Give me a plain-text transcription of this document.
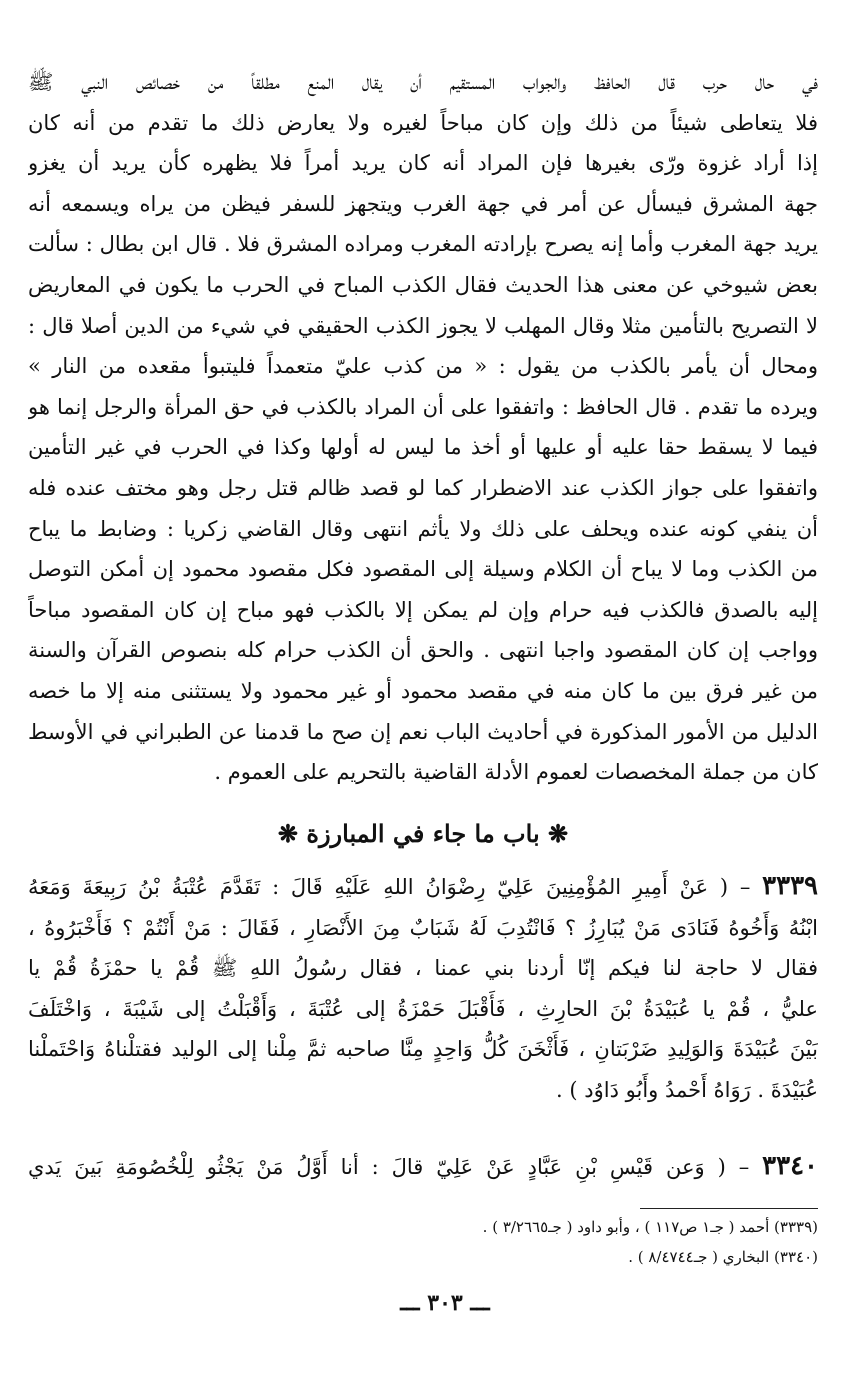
في حال حرب قال الحافظ والجواب المستقيم أن يقال المنع مطلقاً من خصائص النبي ﷺ
فلا يتعاطى شيئاً من ذلك وإن كان مباحاً لغيره ولا يعارض ذلك ما تقدم من أنه كان
إذا أراد غزوة ورّى بغيرها فإن المراد أنه كان يريد أمراً فلا يظهره كأن يريد أن يغزو
جهة المشرق فيسأل عن أمر في جهة الغرب ويتجهز للسفر فيظن من يراه ويسمعه أنه
يريد جهة المغرب وأما إنه يصرح بإرادته المغرب ومراده المشرق فلا . قال ابن بطال : سألت
بعض شيوخي عن معنى هذا الحديث فقال الكذب المباح في الحرب ما يكون في المعاريض
لا التصريح بالتأمين مثلا وقال المهلب لا يجوز الكذب الحقيقي في شيء من الدين أصلا قال :
ومحال أن يأمر بالكذب من يقول : « من كذب عليّ متعمداً فليتبوأ مقعده من النار »
ويرده ما تقدم . قال الحافظ : واتفقوا على أن المراد بالكذب في حق المرأة والرجل إنما هو
فيما لا يسقط حقا عليه أو عليها أو أخذ ما ليس له أولها وكذا في الحرب في غير التأمين
واتفقوا على جواز الكذب عند الاضطرار كما لو قصد ظالم قتل رجل وهو مختف عنده فله
أن ينفي كونه عنده ويحلف على ذلك ولا يأثم انتهى وقال القاضي زكريا : وضابط ما يباح
من الكذب وما لا يباح أن الكلام وسيلة إلى المقصود فكل مقصود محمود إن أمكن التوصل
إليه بالصدق فالكذب فيه حرام وإن لم يمكن إلا بالكذب فهو مباح إن كان المقصود مباحاً
وواجب إن كان المقصود واجبا انتهى . والحق أن الكذب حرام كله بنصوص القرآن والسنة
من غير فرق بين ما كان منه في مقصد محمود أو غير محمود ولا يستثنى منه إلا ما خصه
الدليل من الأمور المذكورة في أحاديث الباب نعم إن صح ما قدمنا عن الطبراني في الأوسط
كان من جملة المخصصات لعموم الأدلة القاضية بالتحريم على العموم .
❋ باب ما جاء في المبارزة ❋
٣٣٣٩ – ( عَنْ أَمِيرِ المُؤْمِنِينَ عَلِيّ رِضْوَانُ اللهِ عَلَيْهِ قَالَ : تَقَدَّمَ عُتْبَةُ بْنُ رَبِيعَةَ وَمَعَهُ
ابْنُهُ وَأَخُوهُ فَنَادَى مَنْ يُبَارِزُ ؟ فَانْتُدِبَ لَهُ شَبَابٌ مِنَ الأَنْصَارِ ، فَقَالَ : مَنْ أَنْتُمْ ؟ فَأَخْبَرُوهُ ،
فقال لا حاجة لنا فيكم إنّا أردنا بني عمنا ، فقال رسُولُ اللهِ ﷺ قُمْ يا حمْزَةُ قُمْ يا
عليُّ ، قُمْ يا عُبَيْدَةُ بْنَ الحارِثِ ، فَأَقْبَلَ حَمْزَةُ إلى عُتْبَةَ ، وَأَقْبَلْتُ إلى شَيْبَةَ ، وَاخْتَلَفَ
بَيْنَ عُبَيْدَةَ وَالوَلِيدِ ضَرْبَتانِ ، فَأَثْخَنَ كُلُّ وَاحِدٍ مِنَّا صاحبه ثمَّ مِلْنا إلى الوليد فقتلْناهُ وَاحْتَملْنا
عُبَيْدَةَ . رَوَاهُ أَحْمدُ وأَبُو دَاوُد ) .
٣٣٤٠ – ( وَعن قَيْسِ بْنِ عَبَّادٍ عَنْ عَلِيّ قالَ : أنا أَوَّلُ مَنْ يَجْثُو لِلْخُصُومَةِ بَينَ يَدي
(٣٣٣٩) أحمد ( جـ١ ص١١٧ ) ، وأبو داود ( جـ٣/٢٦٦٥ ) .
(٣٣٤٠) البخاري ( جـ٨/٤٧٤٤ ) .
ـــ ٣٠٣ ـــ
